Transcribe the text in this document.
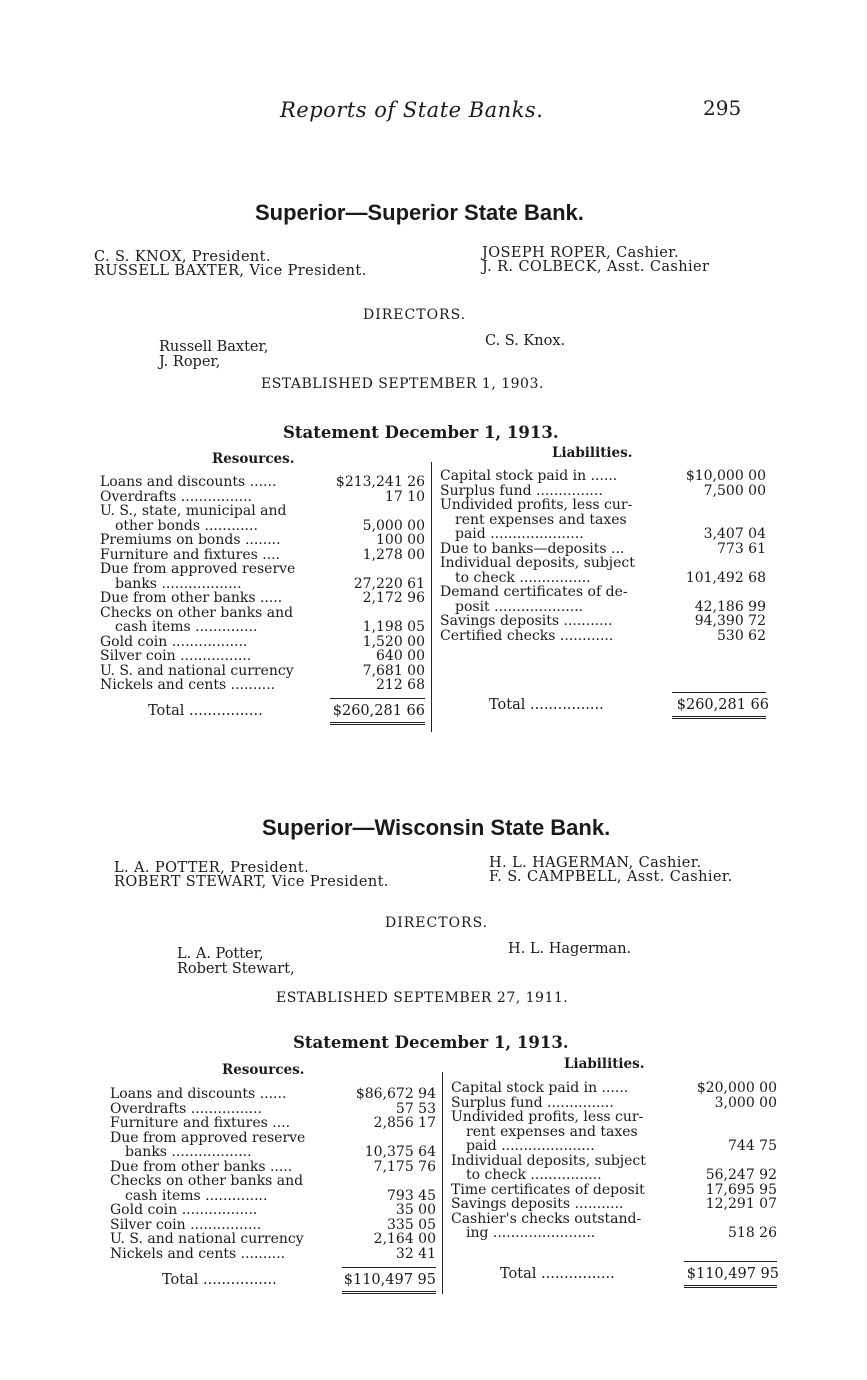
Reports of State Banks.	295
Superior—Superior State Bank.
C. S. KNOX, President.
RUSSELL BAXTER, Vice President.
JOSEPH ROPER, Cashier.
J. R. COLBECK, Asst. Cashier
DIRECTORS.
Russell Baxter,
J. Roper,
C. S. Knox.
ESTABLISHED SEPTEMBER 1, 1903.
Statement December 1, 1913.
Resources.	Liabilities.
Loans and discounts ......	$213,241 26
Overdrafts ................	17 10
U. S., state, municipal and
other bonds ............	5,000 00
Premiums on bonds ........	100 00
Furniture and fixtures ....	1,278 00
Due from approved reserve
banks ..................	27,220 61
Due from other banks .....	2,172 96
Checks on other banks and
cash items ..............	1,198 05
Gold coin .................	1,520 00
Silver coin ................	640 00
U. S. and national currency	7,681 00
Nickels and cents ..........	212 68
Capital stock paid in ......	$10,000 00
Surplus fund ...............	7,500 00
Undivided profits, less cur-
rent expenses and taxes
paid .....................	3,407 04
Due to banks—deposits ...	773 61
Individual deposits, subject
to check ................	101,492 68
Demand certificates of de-
posit ....................	42,186 99
Savings deposits ...........	94,390 72
Certified checks ............	530 62
Total ................	$260,281 66	Total ................	$260,281 66
Superior—Wisconsin State Bank.
L. A. POTTER, President.
ROBERT STEWART, Vice President.
H. L. HAGERMAN, Cashier.
F. S. CAMPBELL, Asst. Cashier.
DIRECTORS.
L. A. Potter,
Robert Stewart,
H. L. Hagerman.
ESTABLISHED SEPTEMBER 27, 1911.
Statement December 1, 1913.
Resources.	Liabilities.
Loans and discounts ......	$86,672 94
Overdrafts ................	57 53
Furniture and fixtures ....	2,856 17
Due from approved reserve
banks ..................	10,375 64
Due from other banks .....	7,175 76
Checks on other banks and
cash items ..............	793 45
Gold coin .................	35 00
Silver coin ................	335 05
U. S. and national currency	2,164 00
Nickels and cents ..........	32 41
Capital stock paid in ......	$20,000 00
Surplus fund ...............	3,000 00
Undivided profits, less cur-
rent expenses and taxes
paid .....................	744 75
Individual deposits, subject
to check ................	56,247 92
Time certificates of deposit	17,695 95
Savings deposits ...........	12,291 07
Cashier's checks outstand-
ing .......................	518 26
Total ................	$110,497 95	Total ................	$110,497 95
